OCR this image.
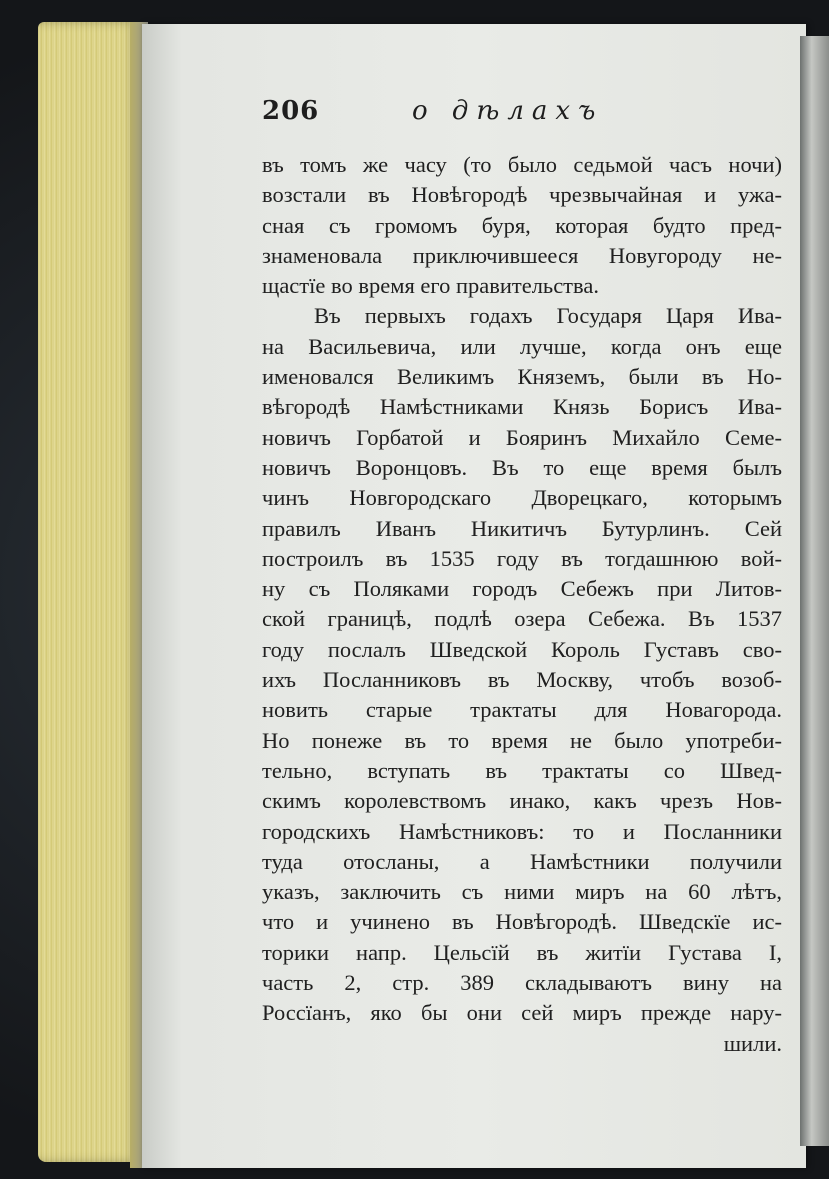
206	о дѣлахъ
въ томъ же часу (то было седьмой часъ ночи)
возстали въ Новѣгородѣ чрезвычайная и ужа-
сная съ громомъ буря, которая будто пред-
знаменовала приключившееся Новугороду не-
щастїе во время его правительства.
Въ первыхъ годахъ Государя Царя Ива-
на Васильевича, или лучше, когда онъ еще
именовался Великимъ Княземъ, были въ Но-
вѣгородѣ Намѣстниками Князь Борисъ Ива-
новичъ Горбатой и Бояринъ Михайло Семе-
новичъ Воронцовъ. Въ то еще время былъ
чинъ Новгородскаго Дворецкаго, которымъ
правилъ Иванъ Никитичъ Бутурлинъ. Сей
построилъ въ 1535 году въ тогдашнюю вой-
ну съ Поляками городъ Себежъ при Литов-
ской границѣ, подлѣ озера Себежа. Въ 1537
году послалъ Шведской Король Густавъ сво-
ихъ Посланниковъ въ Москву, чтобъ возоб-
новить старые трактаты для Новагорода.
Но понеже въ то время не было употреби-
тельно, вступать въ трактаты со Швед-
скимъ королевствомъ инако, какъ чрезъ Нов-
городскихъ Намѣстниковъ: то и Посланники
туда отосланы, а Намѣстники получили
указъ, заключить съ ними миръ на 60 лѣтъ,
что и учинено въ Новѣгородѣ. Шведскїе ис-
торики напр. Цельсїй въ житїи Густава I,
часть 2, стр. 389 складываютъ вину на
Россїанъ, яко бы они сей миръ прежде нару-
шили.
